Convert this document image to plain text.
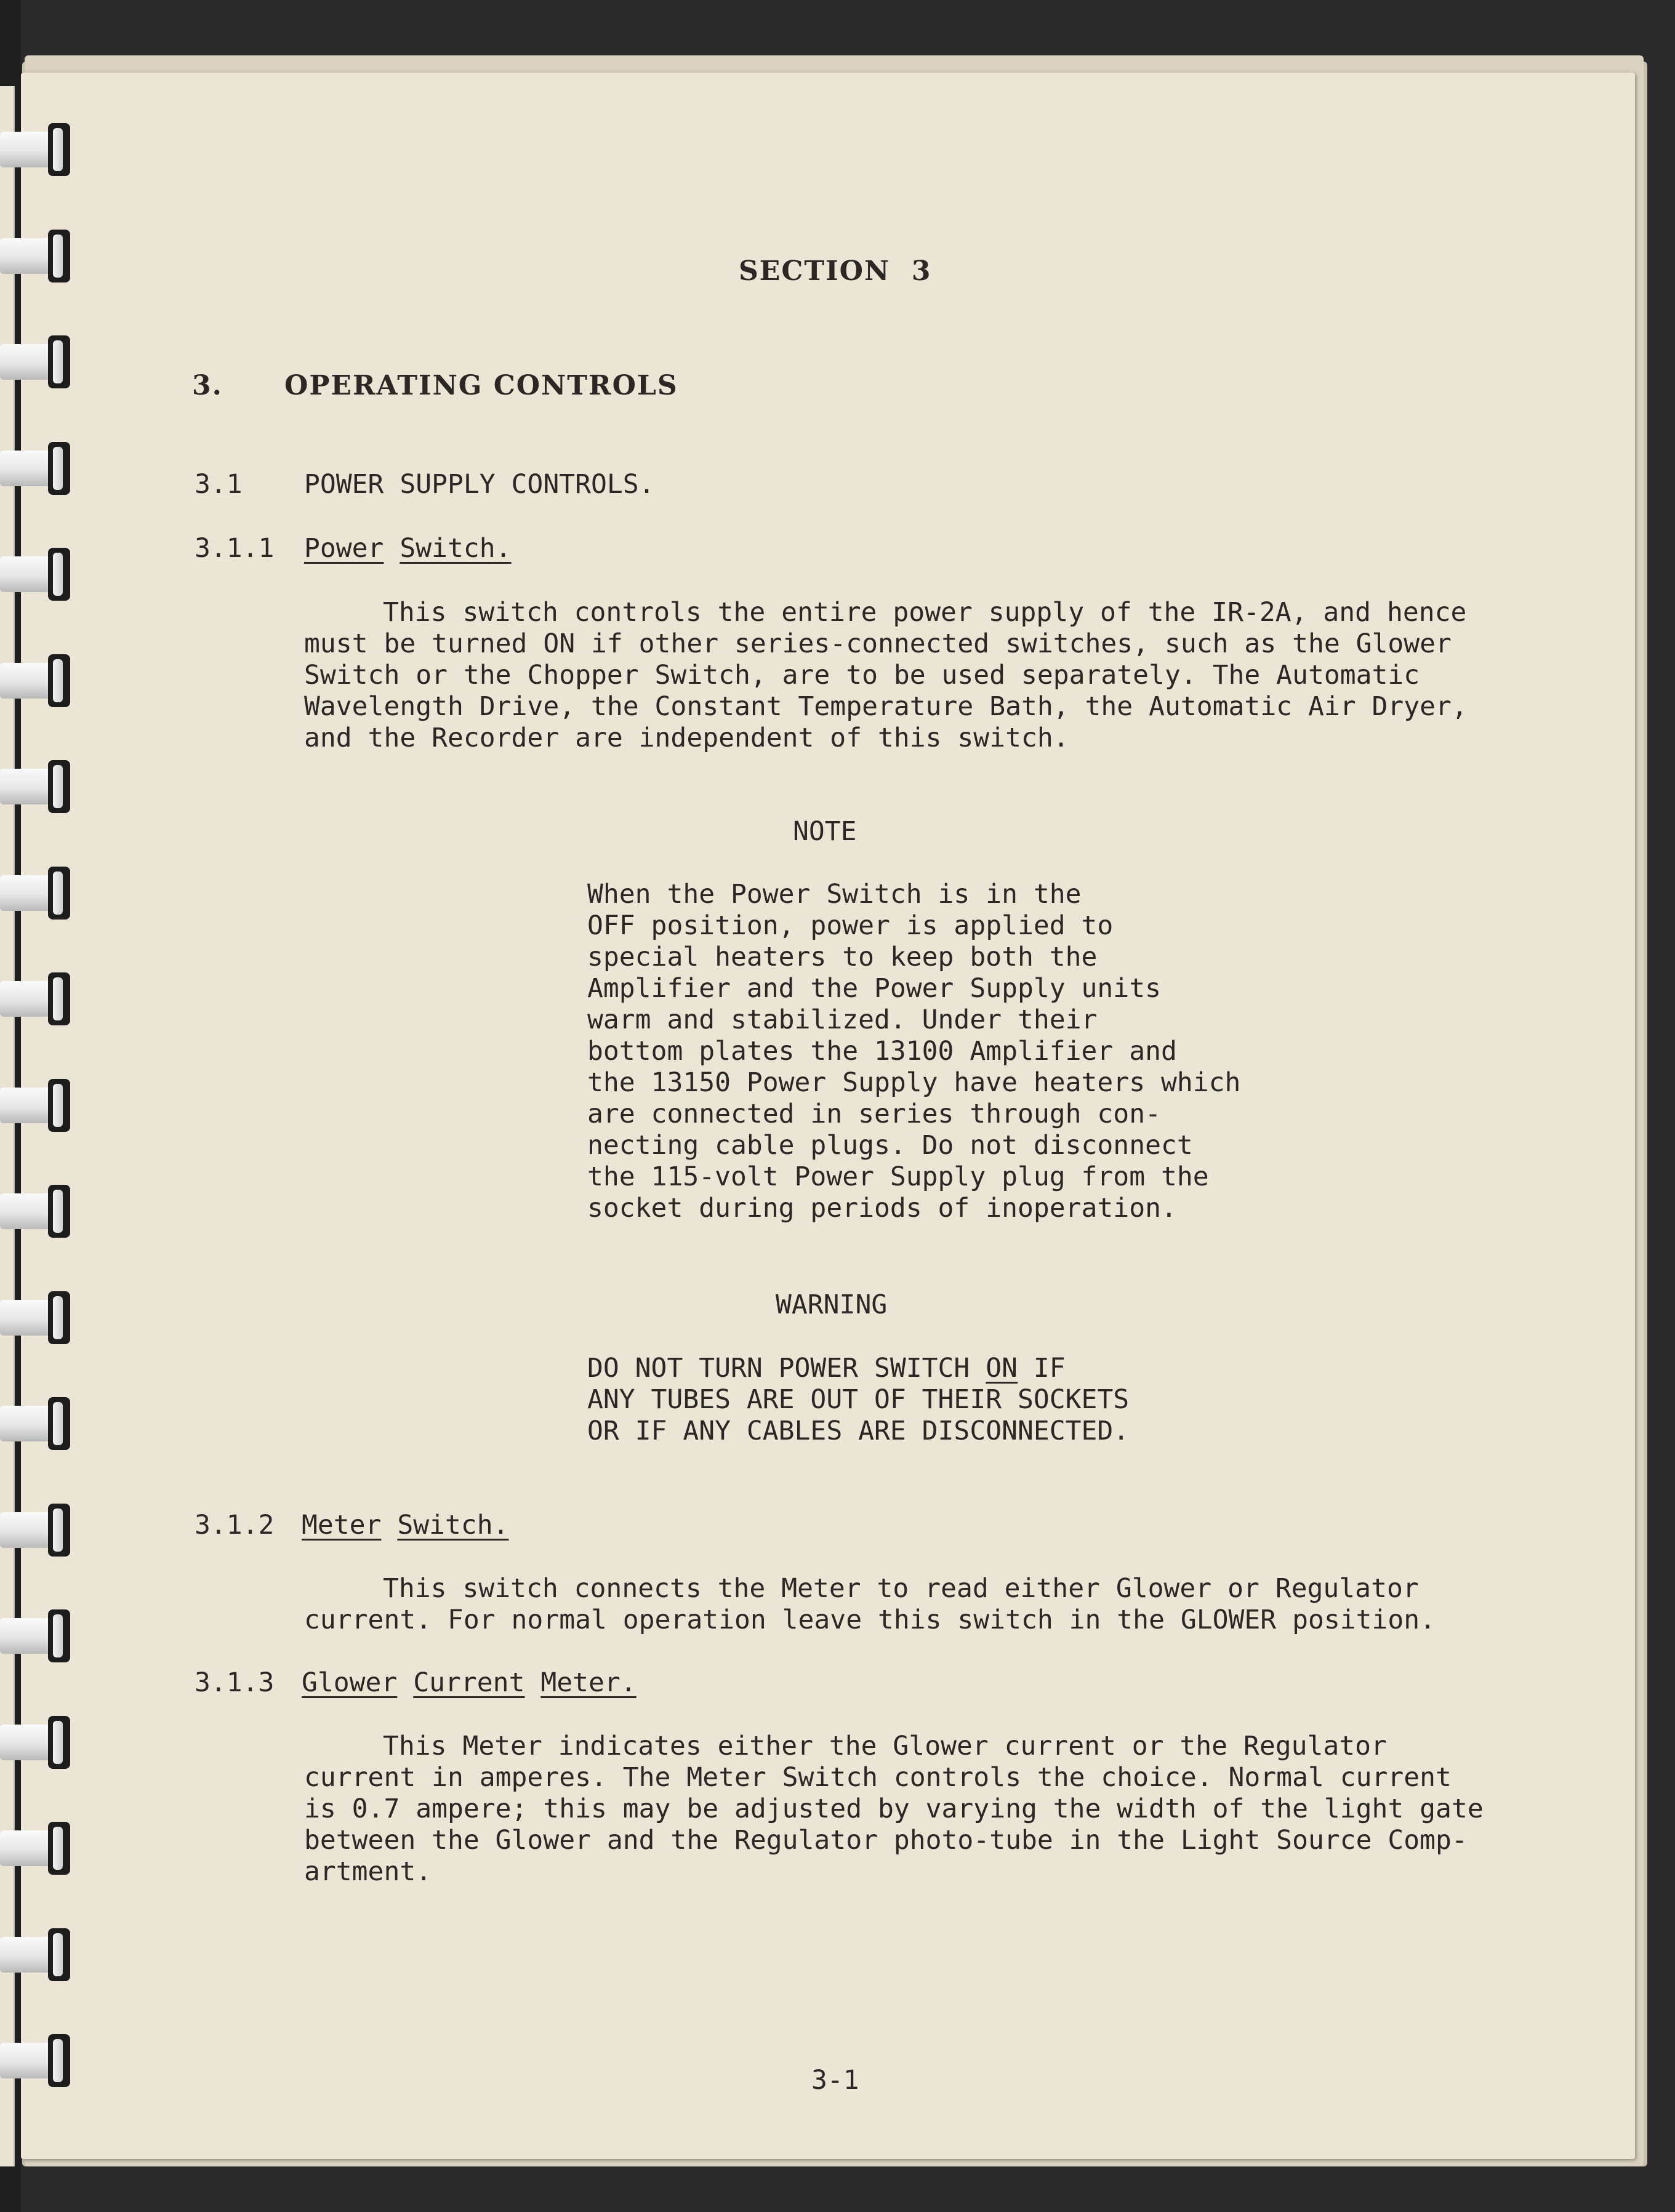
SECTION  3
3. OPERATING CONTROLS
3.1 POWER SUPPLY CONTROLS.
3.1.1 Power Switch.

This switch controls the entire power supply of the IR-2A, and hence
must be turned ON if other series-connected switches, such as the Glower
Switch or the Chopper Switch, are to be used separately. The Automatic
Wavelength Drive, the Constant Temperature Bath, the Automatic Air Dryer,
and the Recorder are independent of this switch.

NOTE

When the Power Switch is in the
OFF position, power is applied to
special heaters to keep both the
Amplifier and the Power Supply units
warm and stabilized. Under their
bottom plates the 13100 Amplifier and
the 13150 Power Supply have heaters which
are connected in series through con-
necting cable plugs. Do not disconnect
the 115-volt Power Supply plug from the
socket during periods of inoperation.

WARNING
DO NOT TURN POWER SWITCH ON IF
ANY TUBES ARE OUT OF THEIR SOCKETS
OR IF ANY CABLES ARE DISCONNECTED.
3.1.2 Meter Switch.

This switch connects the Meter to read either Glower or Regulator
current. For normal operation leave this switch in the GLOWER position.

3.1.3 Glower Current Meter.

This Meter indicates either the Glower current or the Regulator
current in amperes. The Meter Switch controls the choice. Normal current
is 0.7 ampere; this may be adjusted by varying the width of the light gate
between the Glower and the Regulator photo-tube in the Light Source Comp-
artment.

3-1
